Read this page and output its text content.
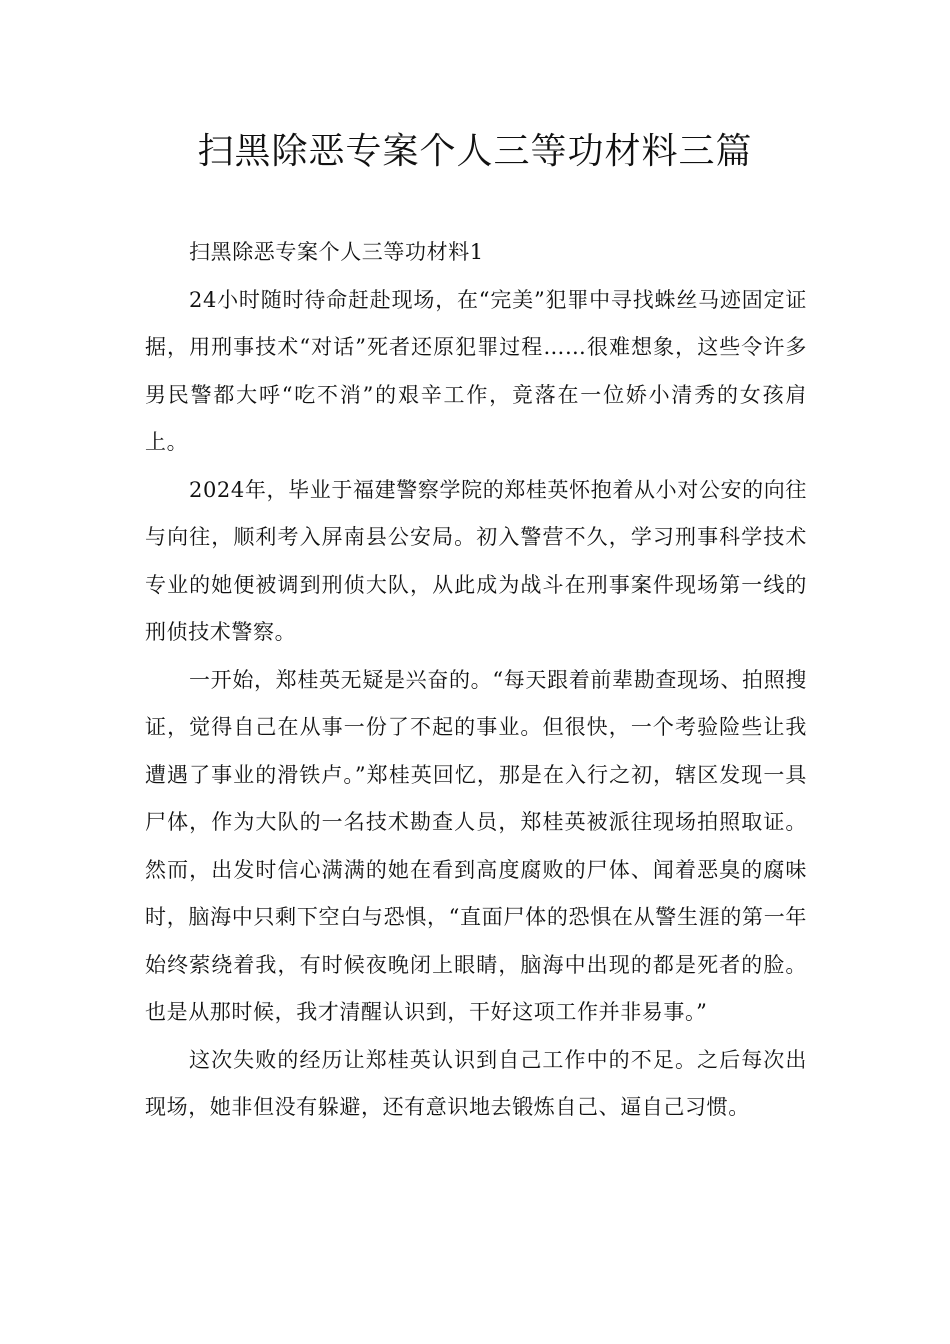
扫黑除恶专案个人三等功材料三篇

扫黑除恶专案个人三等功材料1

24小时随时待命赶赴现场，在“完美”犯罪中寻找蛛丝马迹固定证据，用刑事技术“对话”死者还原犯罪过程……很难想象，这些令许多男民警都大呼“吃不消”的艰辛工作，竟落在一位娇小清秀的女孩肩上。

2024年，毕业于福建警察学院的郑桂英怀抱着从小对公安的向往与向往，顺利考入屏南县公安局。初入警营不久，学习刑事科学技术专业的她便被调到刑侦大队，从此成为战斗在刑事案件现场第一线的刑侦技术警察。

一开始，郑桂英无疑是兴奋的。“每天跟着前辈勘查现场、拍照搜证，觉得自己在从事一份了不起的事业。但很快，一个考验险些让我遭遇了事业的滑铁卢。”郑桂英回忆，那是在入行之初，辖区发现一具尸体，作为大队的一名技术勘查人员，郑桂英被派往现场拍照取证。然而，出发时信心满满的她在看到高度腐败的尸体、闻着恶臭的腐味时，脑海中只剩下空白与恐惧，“直面尸体的恐惧在从警生涯的第一年始终萦绕着我，有时候夜晚闭上眼睛，脑海中出现的都是死者的脸。也是从那时候，我才清醒认识到，干好这项工作并非易事。”

这次失败的经历让郑桂英认识到自己工作中的不足。之后每次出现场，她非但没有躲避，还有意识地去锻炼自己、逼自己习惯。
